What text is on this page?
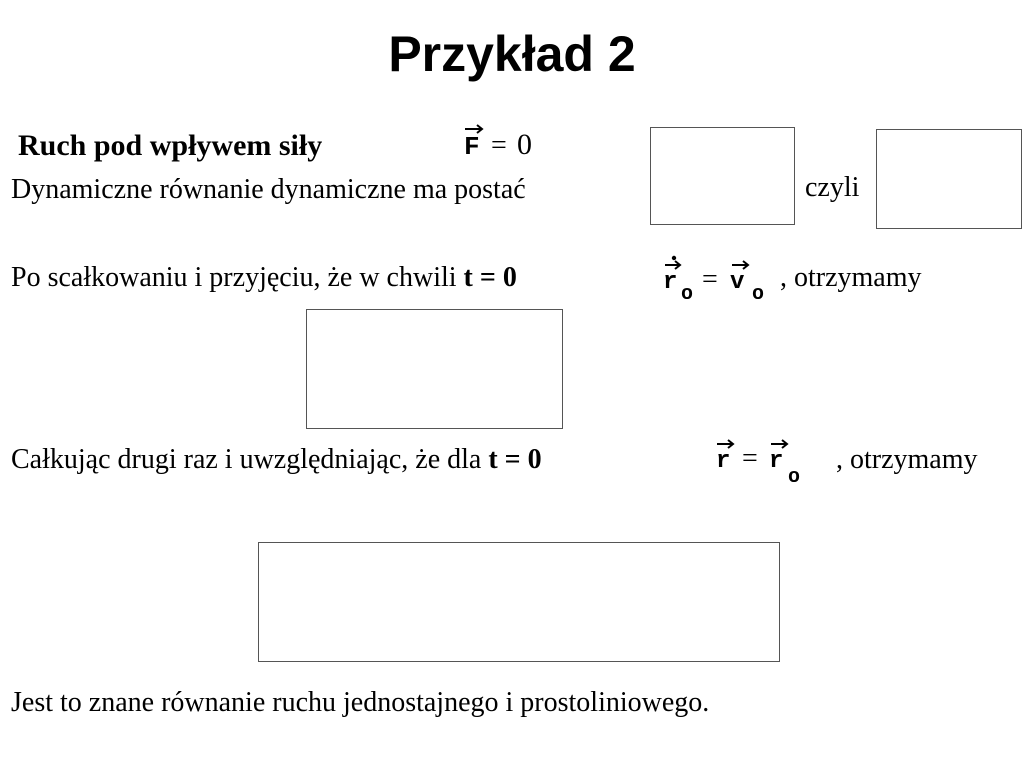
Przykład 2
Ruch pod wpływem siły	F = 0
Dynamiczne równanie dynamiczne ma postać	czyli
Po scałkowaniu i przyjęciu, że w chwili t = 0	r o = v o
, otrzymamy
Całkując drugi raz i uwzględniając, że dla t = 0	r = r
o
, otrzymamy
Jest to znane równanie ruchu jednostajnego i prostoliniowego.
